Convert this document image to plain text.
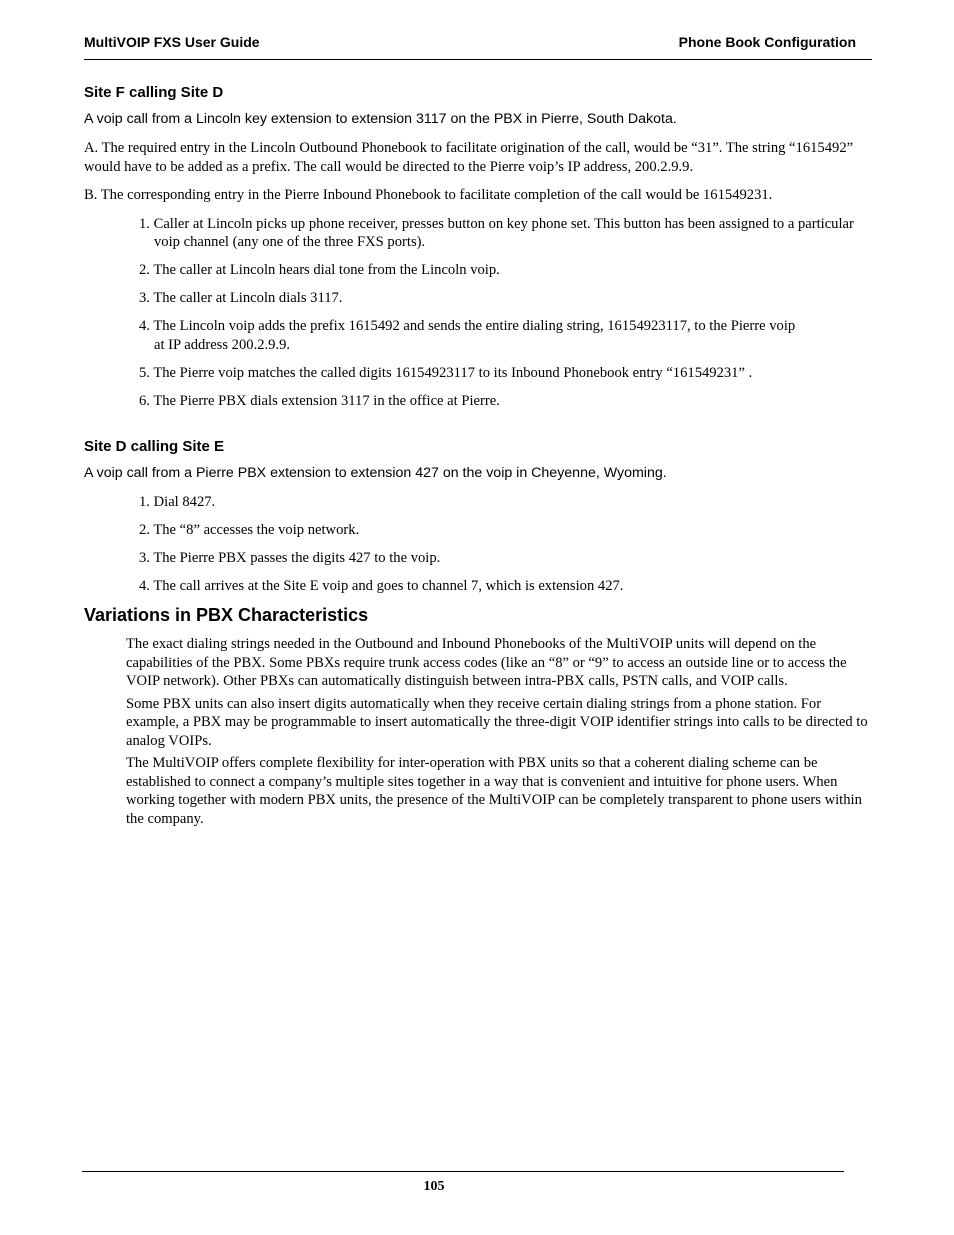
MultiVOIP FXS User Guide	Phone Book Configuration
Site F calling Site D

A voip call from a Lincoln key extension to extension 3117 on the PBX in Pierre, South Dakota.

A. The required entry in the Lincoln Outbound Phonebook to facilitate origination of the call, would be “31”. The string “1615492” would have to be added as a prefix. The call would be directed to the Pierre voip’s IP address, 200.2.9.9.

B. The corresponding entry in the Pierre Inbound Phonebook to facilitate completion of the call would be 161549231.

1. Caller at Lincoln picks up phone receiver, presses button on key phone set. This button has been assigned to a particular voip channel (any one of the three FXS ports).
2. The caller at Lincoln hears dial tone from the Lincoln voip.
3. The caller at Lincoln dials 3117.
4. The Lincoln voip adds the prefix 1615492 and sends the entire dialing string, 16154923117, to the Pierre voip
at IP address 200.2.9.9.
5. The Pierre voip matches the called digits 16154923117 to its Inbound Phonebook entry “161549231” .
6. The Pierre PBX dials extension 3117 in the office at Pierre.
Site D calling Site E

A voip call from a Pierre PBX extension to extension 427 on the voip in Cheyenne, Wyoming.

1. Dial 8427.
2. The “8” accesses the voip network.
3. The Pierre PBX passes the digits 427 to the voip.
4. The call arrives at the Site E voip and goes to channel 7, which is extension 427.
Variations in PBX Characteristics

The exact dialing strings needed in the Outbound and Inbound Phonebooks of the MultiVOIP units will depend on the capabilities of the PBX. Some PBXs require trunk access codes (like an “8” or “9” to access an outside line or to access the VOIP network). Other PBXs can automatically distinguish between intra-PBX calls, PSTN calls, and VOIP calls.

Some PBX units can also insert digits automatically when they receive certain dialing strings from a phone station. For example, a PBX may be programmable to insert automatically the three-digit VOIP identifier strings into calls to be directed to analog VOIPs.

The MultiVOIP offers complete flexibility for inter-operation with PBX units so that a coherent dialing scheme can be established to connect a company’s multiple sites together in a way that is convenient and intuitive for phone users. When working together with modern PBX units, the presence of the MultiVOIP can be completely transparent to phone users within the company.

105
